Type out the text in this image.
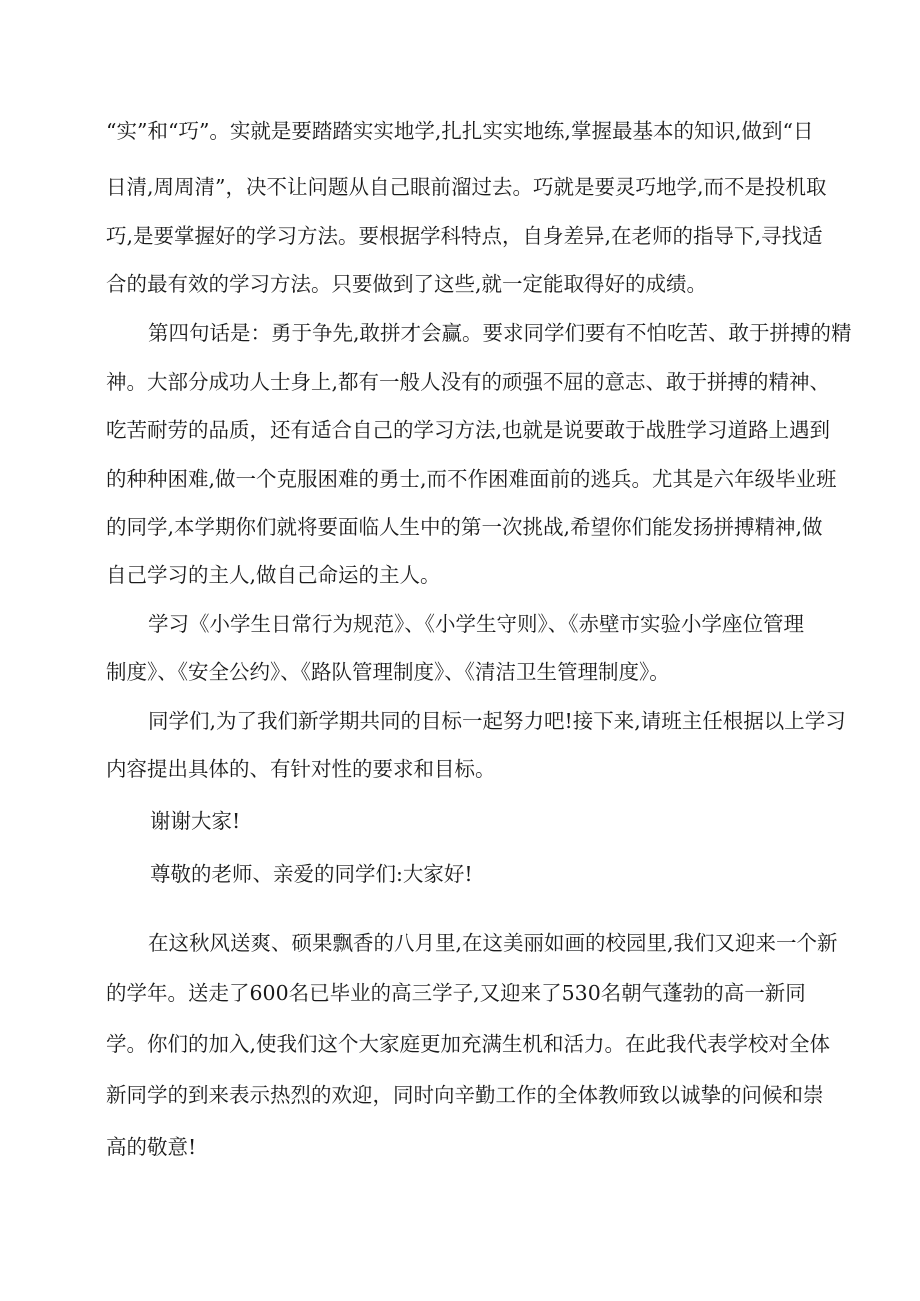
“实”和“巧”。实就是要踏踏实实地学,扎扎实实地练,掌握最基本的知识,做到“日
日清,周周清”，决不让问题从自己眼前溜过去。巧就是要灵巧地学,而不是投机取
巧,是要掌握好的学习方法。要根据学科特点，自身差异,在老师的指导下,寻找适
合的最有效的学习方法。只要做到了这些,就一定能取得好的成绩。
第四句话是：勇于争先,敢拼才会赢。要求同学们要有不怕吃苦、敢于拼搏的精
神。大部分成功人士身上,都有一般人没有的顽强不屈的意志、敢于拼搏的精神、
吃苦耐劳的品质，还有适合自己的学习方法,也就是说要敢于战胜学习道路上遇到
的种种困难,做一个克服困难的勇士,而不作困难面前的逃兵。尤其是六年级毕业班
的同学,本学期你们就将要面临人生中的第一次挑战,希望你们能发扬拼搏精神,做
自己学习的主人,做自己命运的主人。
学习《小学生日常行为规范》、《小学生守则》、《赤壁市实验小学座位管理
制度》、《安全公约》、《路队管理制度》、《清洁卫生管理制度》。
同学们,为了我们新学期共同的目标一起努力吧!接下来,请班主任根据以上学习
内容提出具体的、有针对性的要求和目标。
谢谢大家!
尊敬的老师、亲爱的同学们:大家好!
在这秋风送爽、硕果飘香的八月里,在这美丽如画的校园里,我们又迎来一个新
的学年。送走了600名已毕业的高三学子,又迎来了530名朝气蓬勃的高一新同
学。你们的加入,使我们这个大家庭更加充满生机和活力。在此我代表学校对全体
新同学的到来表示热烈的欢迎，同时向辛勤工作的全体教师致以诚挚的问候和崇
高的敬意!
